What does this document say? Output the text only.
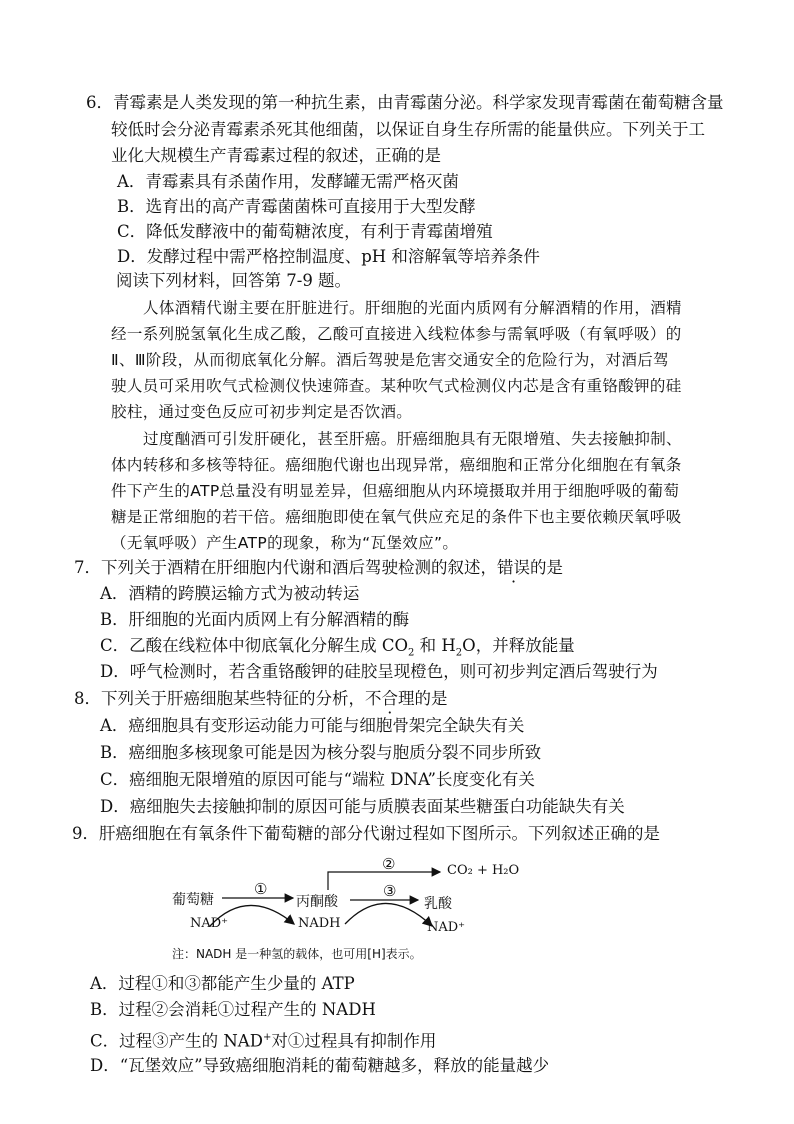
6．青霉素是人类发现的第一种抗生素，由青霉菌分泌。科学家发现青霉菌在葡萄糖含量
较低时会分泌青霉素杀死其他细菌，以保证自身生存所需的能量供应。下列关于工
业化大规模生产青霉素过程的叙述，正确的是
A．青霉素具有杀菌作用，发酵罐无需严格灭菌
B．选育出的高产青霉菌菌株可直接用于大型发酵
C．降低发酵液中的葡萄糖浓度，有利于青霉菌增殖
D．发酵过程中需严格控制温度、pH 和溶解氧等培养条件
阅读下列材料，回答第 7-9 题。
人体酒精代谢主要在肝脏进行。肝细胞的光面内质网有分解酒精的作用，酒精
经一系列脱氢氧化生成乙酸，乙酸可直接进入线粒体参与需氧呼吸（有氧呼吸）的
Ⅱ、Ⅲ阶段，从而彻底氧化分解。酒后驾驶是危害交通安全的危险行为，对酒后驾
驶人员可采用吹气式检测仪快速筛查。某种吹气式检测仪内芯是含有重铬酸钾的硅
胶柱，通过变色反应可初步判定是否饮酒。
过度酗酒可引发肝硬化，甚至肝癌。肝癌细胞具有无限增殖、失去接触抑制、
体内转移和多核等特征。癌细胞代谢也出现异常，癌细胞和正常分化细胞在有氧条
件下产生的ATP总量没有明显差异，但癌细胞从内环境摄取并用于细胞呼吸的葡萄
糖是正常细胞的若干倍。癌细胞即使在氧气供应充足的条件下也主要依赖厌氧呼吸
（无氧呼吸）产生ATP的现象，称为“瓦堡效应”。
7．下列关于酒精在肝细胞内代谢和酒后驾驶检测的叙述，错误的是
A．酒精的跨膜运输方式为被动转运
B．肝细胞的光面内质网上有分解酒精的酶
C．乙酸在线粒体中彻底氧化分解生成 $CO_2$ 和 $H_2O$，并释放能量
D．呼气检测时，若含重铬酸钾的硅胶呈现橙色，则可初步判定酒后驾驶行为
8．下列关于肝癌细胞某些特征的分析，不合理的是
A．癌细胞具有变形运动能力可能与细胞骨架完全缺失有关
B．癌细胞多核现象可能是因为核分裂与胞质分裂不同步所致
C．癌细胞无限增殖的原因可能与“端粒 DNA”长度变化有关
D．癌细胞失去接触抑制的原因可能与质膜表面某些糖蛋白功能缺失有关
9．肝癌细胞在有氧条件下葡萄糖的部分代谢过程如下图所示。下列叙述正确的是
葡萄糖
①
丙酮酸
②	CO₂ + H₂O
③
乳酸
NAD⁺	NADH	NAD⁺
注：NADH 是一种氢的载体，也可用[H]表示。
A．过程①和③都能产生少量的 ATP
B．过程②会消耗①过程产生的 NADH
C．过程③产生的 NAD+对①过程具有抑制作用
D．“瓦堡效应”导致癌细胞消耗的葡萄糖越多，释放的能量越少
